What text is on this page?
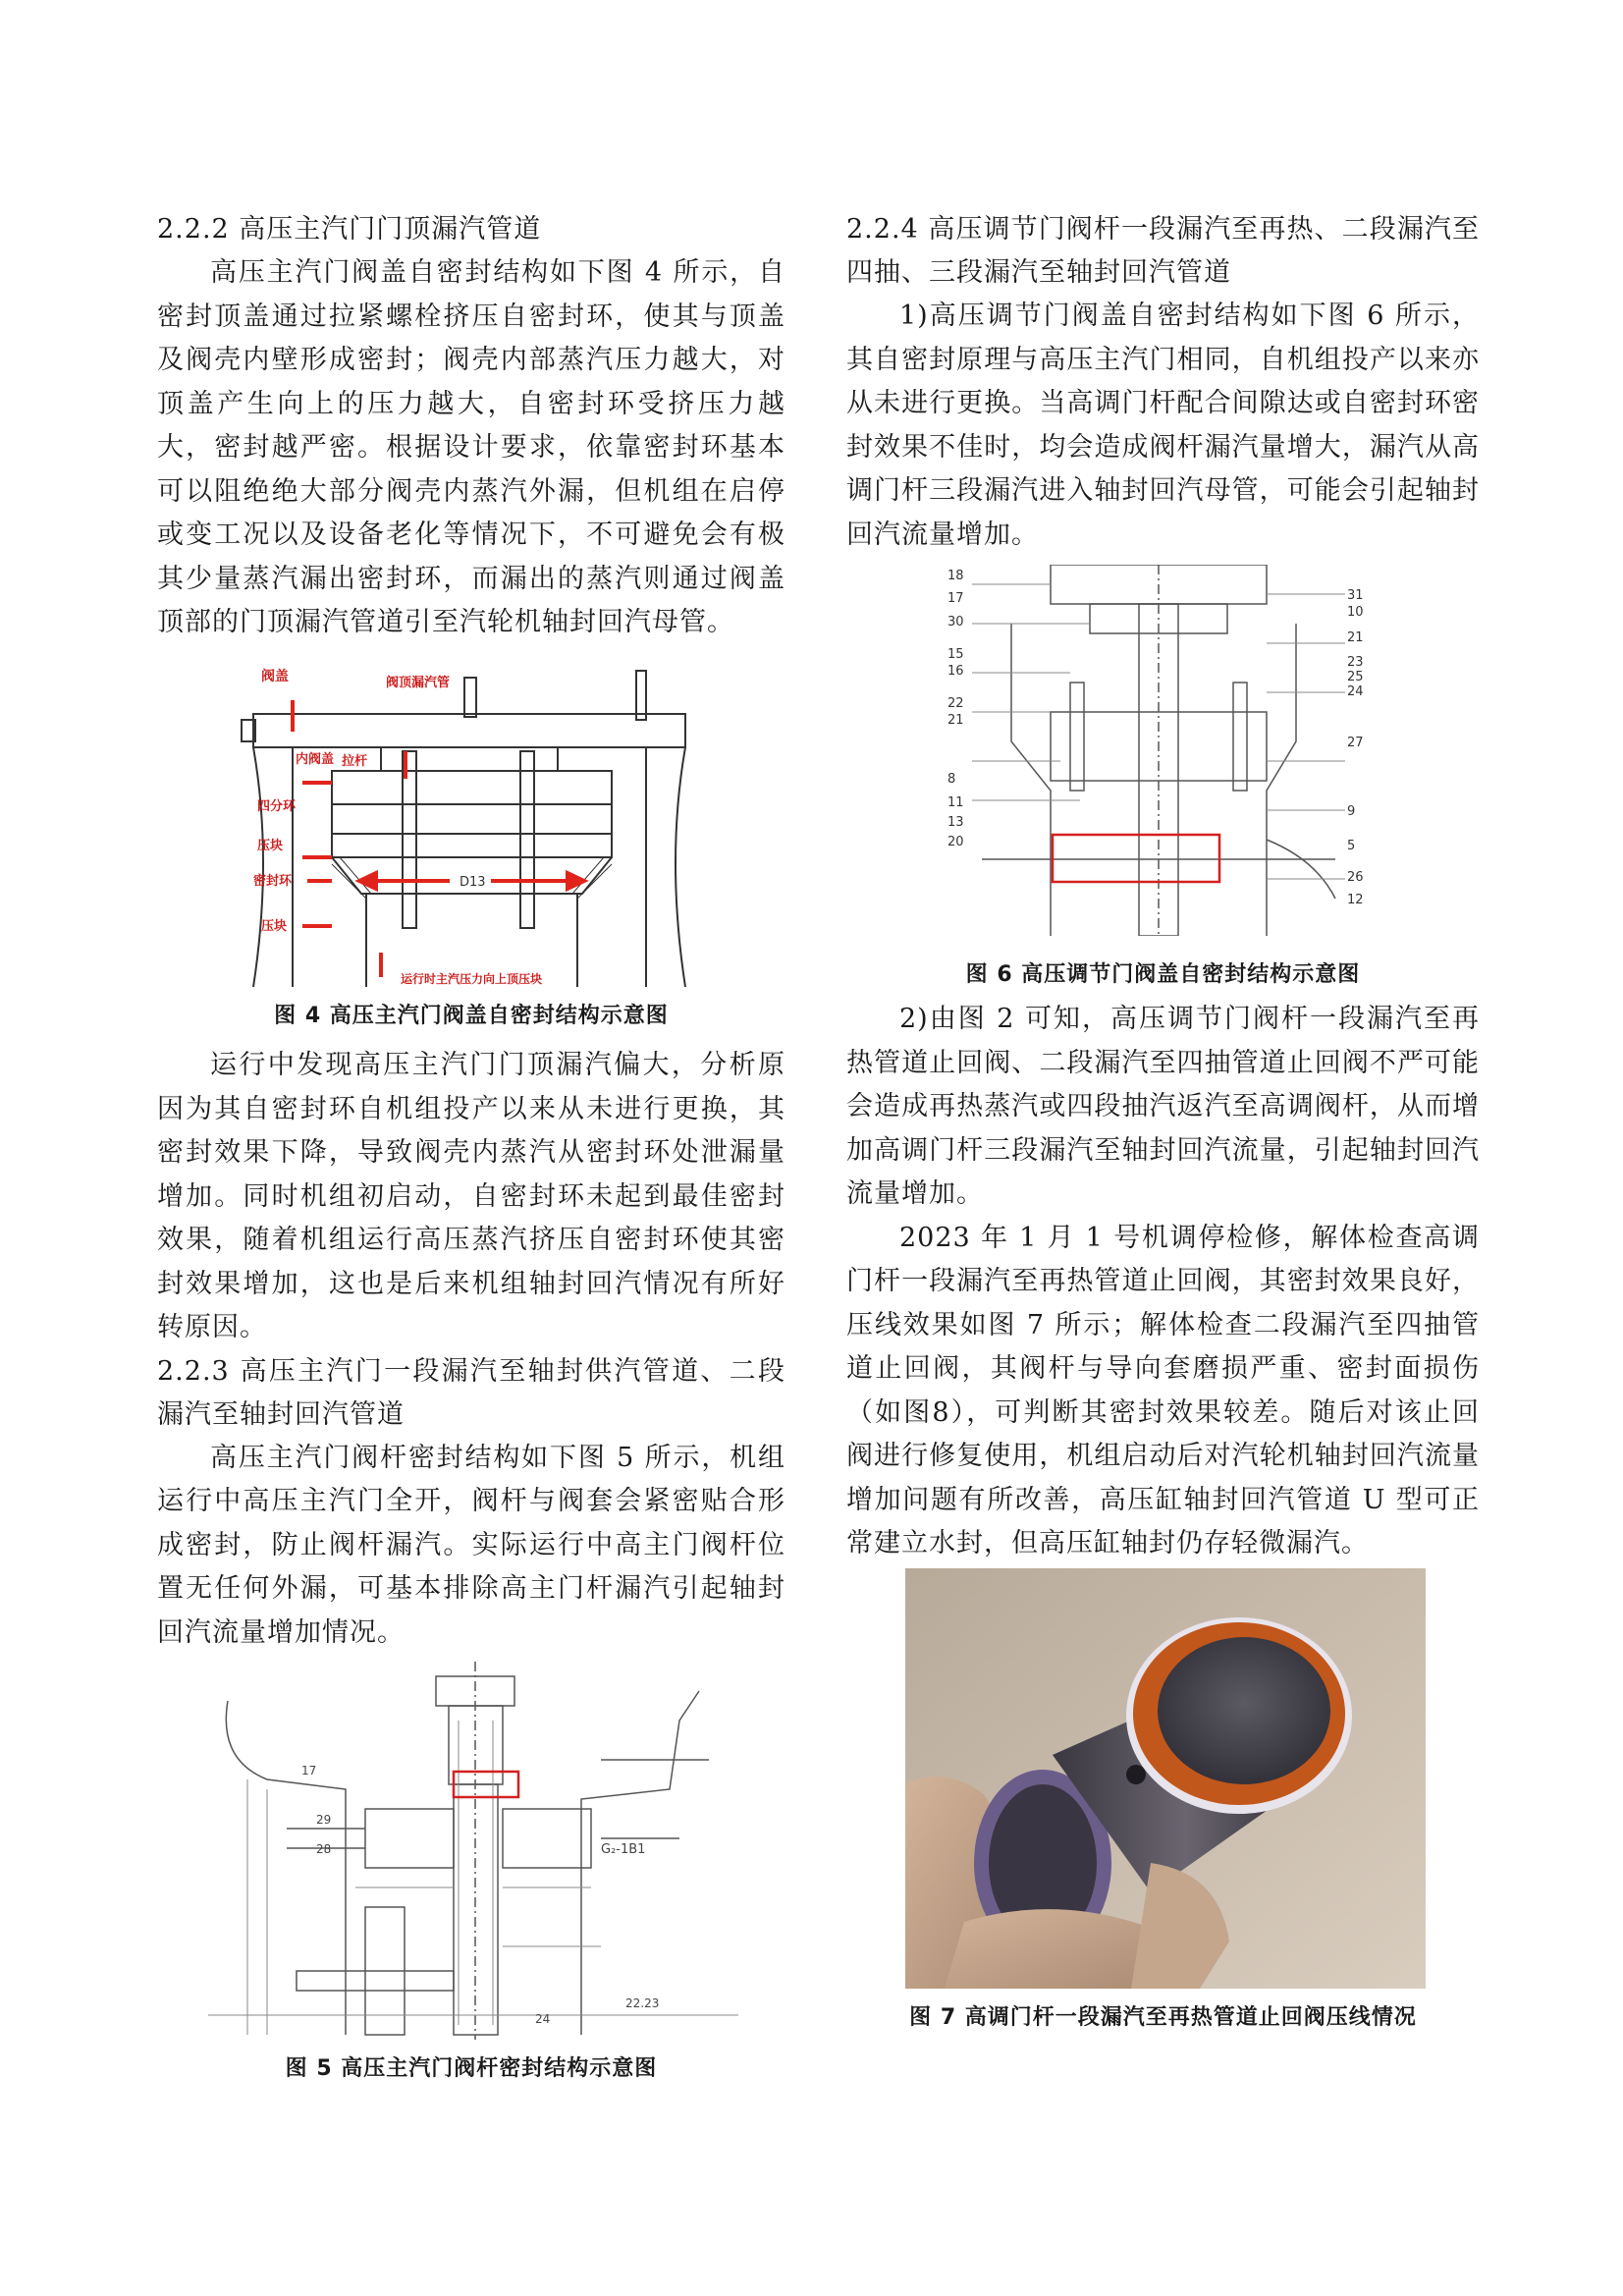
2.2.2 高压主汽门门顶漏汽管道
高压主汽门阀盖自密封结构如下图 4 所示，自密封顶盖通过拉紧螺栓挤压自密封环，使其与顶盖及阀壳内壁形成密封；阀壳内部蒸汽压力越大，对顶盖产生向上的压力越大，自密封环受挤压力越大，密封越严密。根据设计要求，依靠密封环基本可以阻绝绝大部分阀壳内蒸汽外漏，但机组在启停或变工况以及设备老化等情况下，不可避免会有极其少量蒸汽漏出密封环，而漏出的蒸汽则通过阀盖顶部的门顶漏汽管道引至汽轮机轴封回汽母管。
阀盖	阀顶漏汽管
内阀盖 拉杆
四分环
压块
密封环
压块
D13
运行时主汽压力向上顶压块
图 4 高压主汽门阀盖自密封结构示意图
运行中发现高压主汽门门顶漏汽偏大，分析原因为其自密封环自机组投产以来从未进行更换，其密封效果下降，导致阀壳内蒸汽从密封环处泄漏量增加。同时机组初启动，自密封环未起到最佳密封效果，随着机组运行高压蒸汽挤压自密封环使其密封效果增加，这也是后来机组轴封回汽情况有所好转原因。
2.2.3 高压主汽门一段漏汽至轴封供汽管道、二段漏汽至轴封回汽管道
高压主汽门阀杆密封结构如下图 5 所示，机组运行中高压主汽门全开，阀杆与阀套会紧密贴合形成密封，防止阀杆漏汽。实际运行中高主门阀杆位置无任何外漏，可基本排除高主门杆漏汽引起轴封回汽流量增加情况。
17
29
28
24
22.23
G₂-1B1
图 5 高压主汽门阀杆密封结构示意图
2.2.4 高压调节门阀杆一段漏汽至再热、二段漏汽至四抽、三段漏汽至轴封回汽管道
1)高压调节门阀盖自密封结构如下图 6 所示，其自密封原理与高压主汽门相同，自机组投产以来亦从未进行更换。当高调门杆配合间隙达或自密封环密封效果不佳时，均会造成阀杆漏汽量增大，漏汽从高调门杆三段漏汽进入轴封回汽母管，可能会引起轴封回汽流量增加。
18
17
30
15
16
22
21
8
11
13
20
31
10
21
23
25
24
27
9
5
26
12
图 6 高压调节门阀盖自密封结构示意图
2)由图 2 可知，高压调节门阀杆一段漏汽至再热管道止回阀、二段漏汽至四抽管道止回阀不严可能会造成再热蒸汽或四段抽汽返汽至高调阀杆，从而增加高调门杆三段漏汽至轴封回汽流量，引起轴封回汽流量增加。
2023 年 1 月 1 号机调停检修，解体检查高调门杆一段漏汽至再热管道止回阀，其密封效果良好，压线效果如图 7 所示；解体检查二段漏汽至四抽管道止回阀，其阀杆与导向套磨损严重、密封面损伤（如图8），可判断其密封效果较差。随后对该止回阀进行修复使用，机组启动后对汽轮机轴封回汽流量增加问题有所改善，高压缸轴封回汽管道 U 型可正常建立水封，但高压缸轴封仍存轻微漏汽。
图 7 高调门杆一段漏汽至再热管道止回阀压线情况
